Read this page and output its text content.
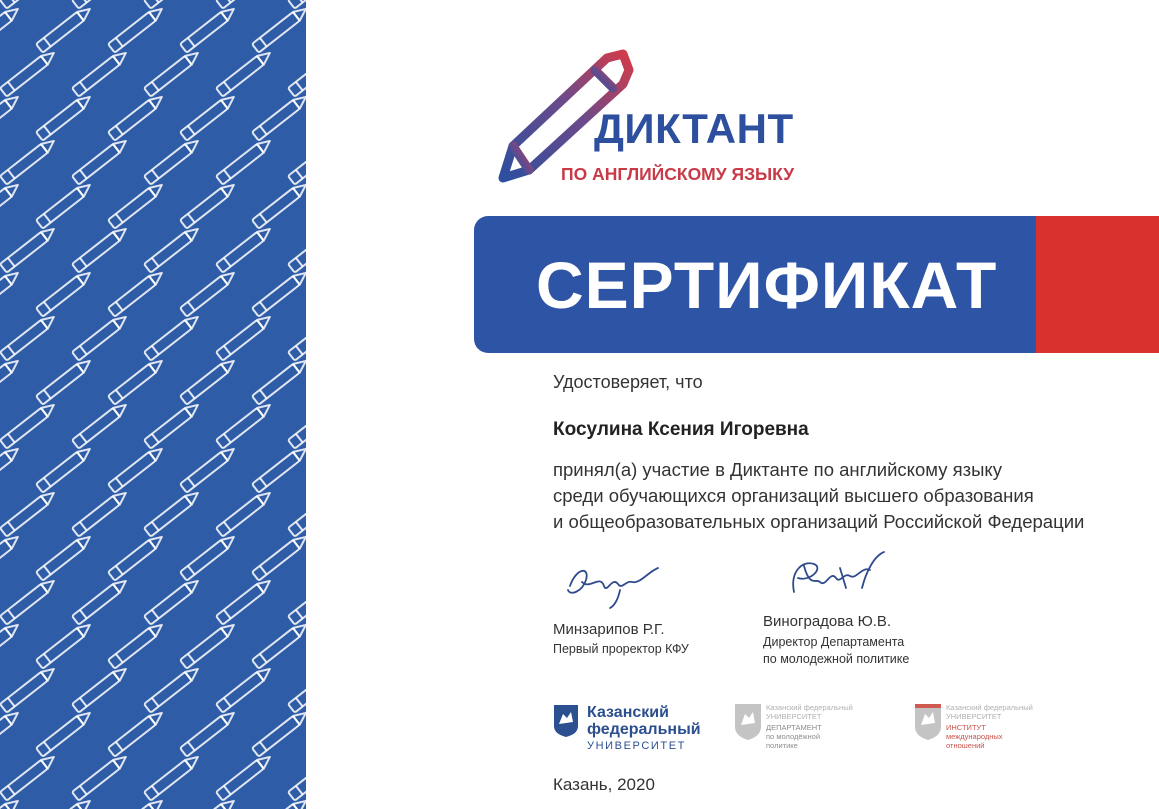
ДИКТАНТ
ПО АНГЛИЙСКОМУ ЯЗЫКУ
СЕРТИФИКАТ
Удостоверяет, что
Косулина Ксения Игоревна
принял(а) участие в Диктанте по английскому языку
среди обучающихся организаций высшего образования
и общеобразовательных организаций Российской Федерации
Минзарипов Р.Г.
Первый проректор КФУ
Виноградова Ю.В.
Директор Департамента
по молодежной политике
Казанский
федеральный
УНИВЕРСИТЕТ
Казанский федеральный
УНИВЕРСИТЕТ
ДЕПАРТАМЕНТ
по молодёжной
политике
Казанский федеральный
УНИВЕРСИТЕТ
ИНСТИТУТ
международных
отношений
Казань, 2020
